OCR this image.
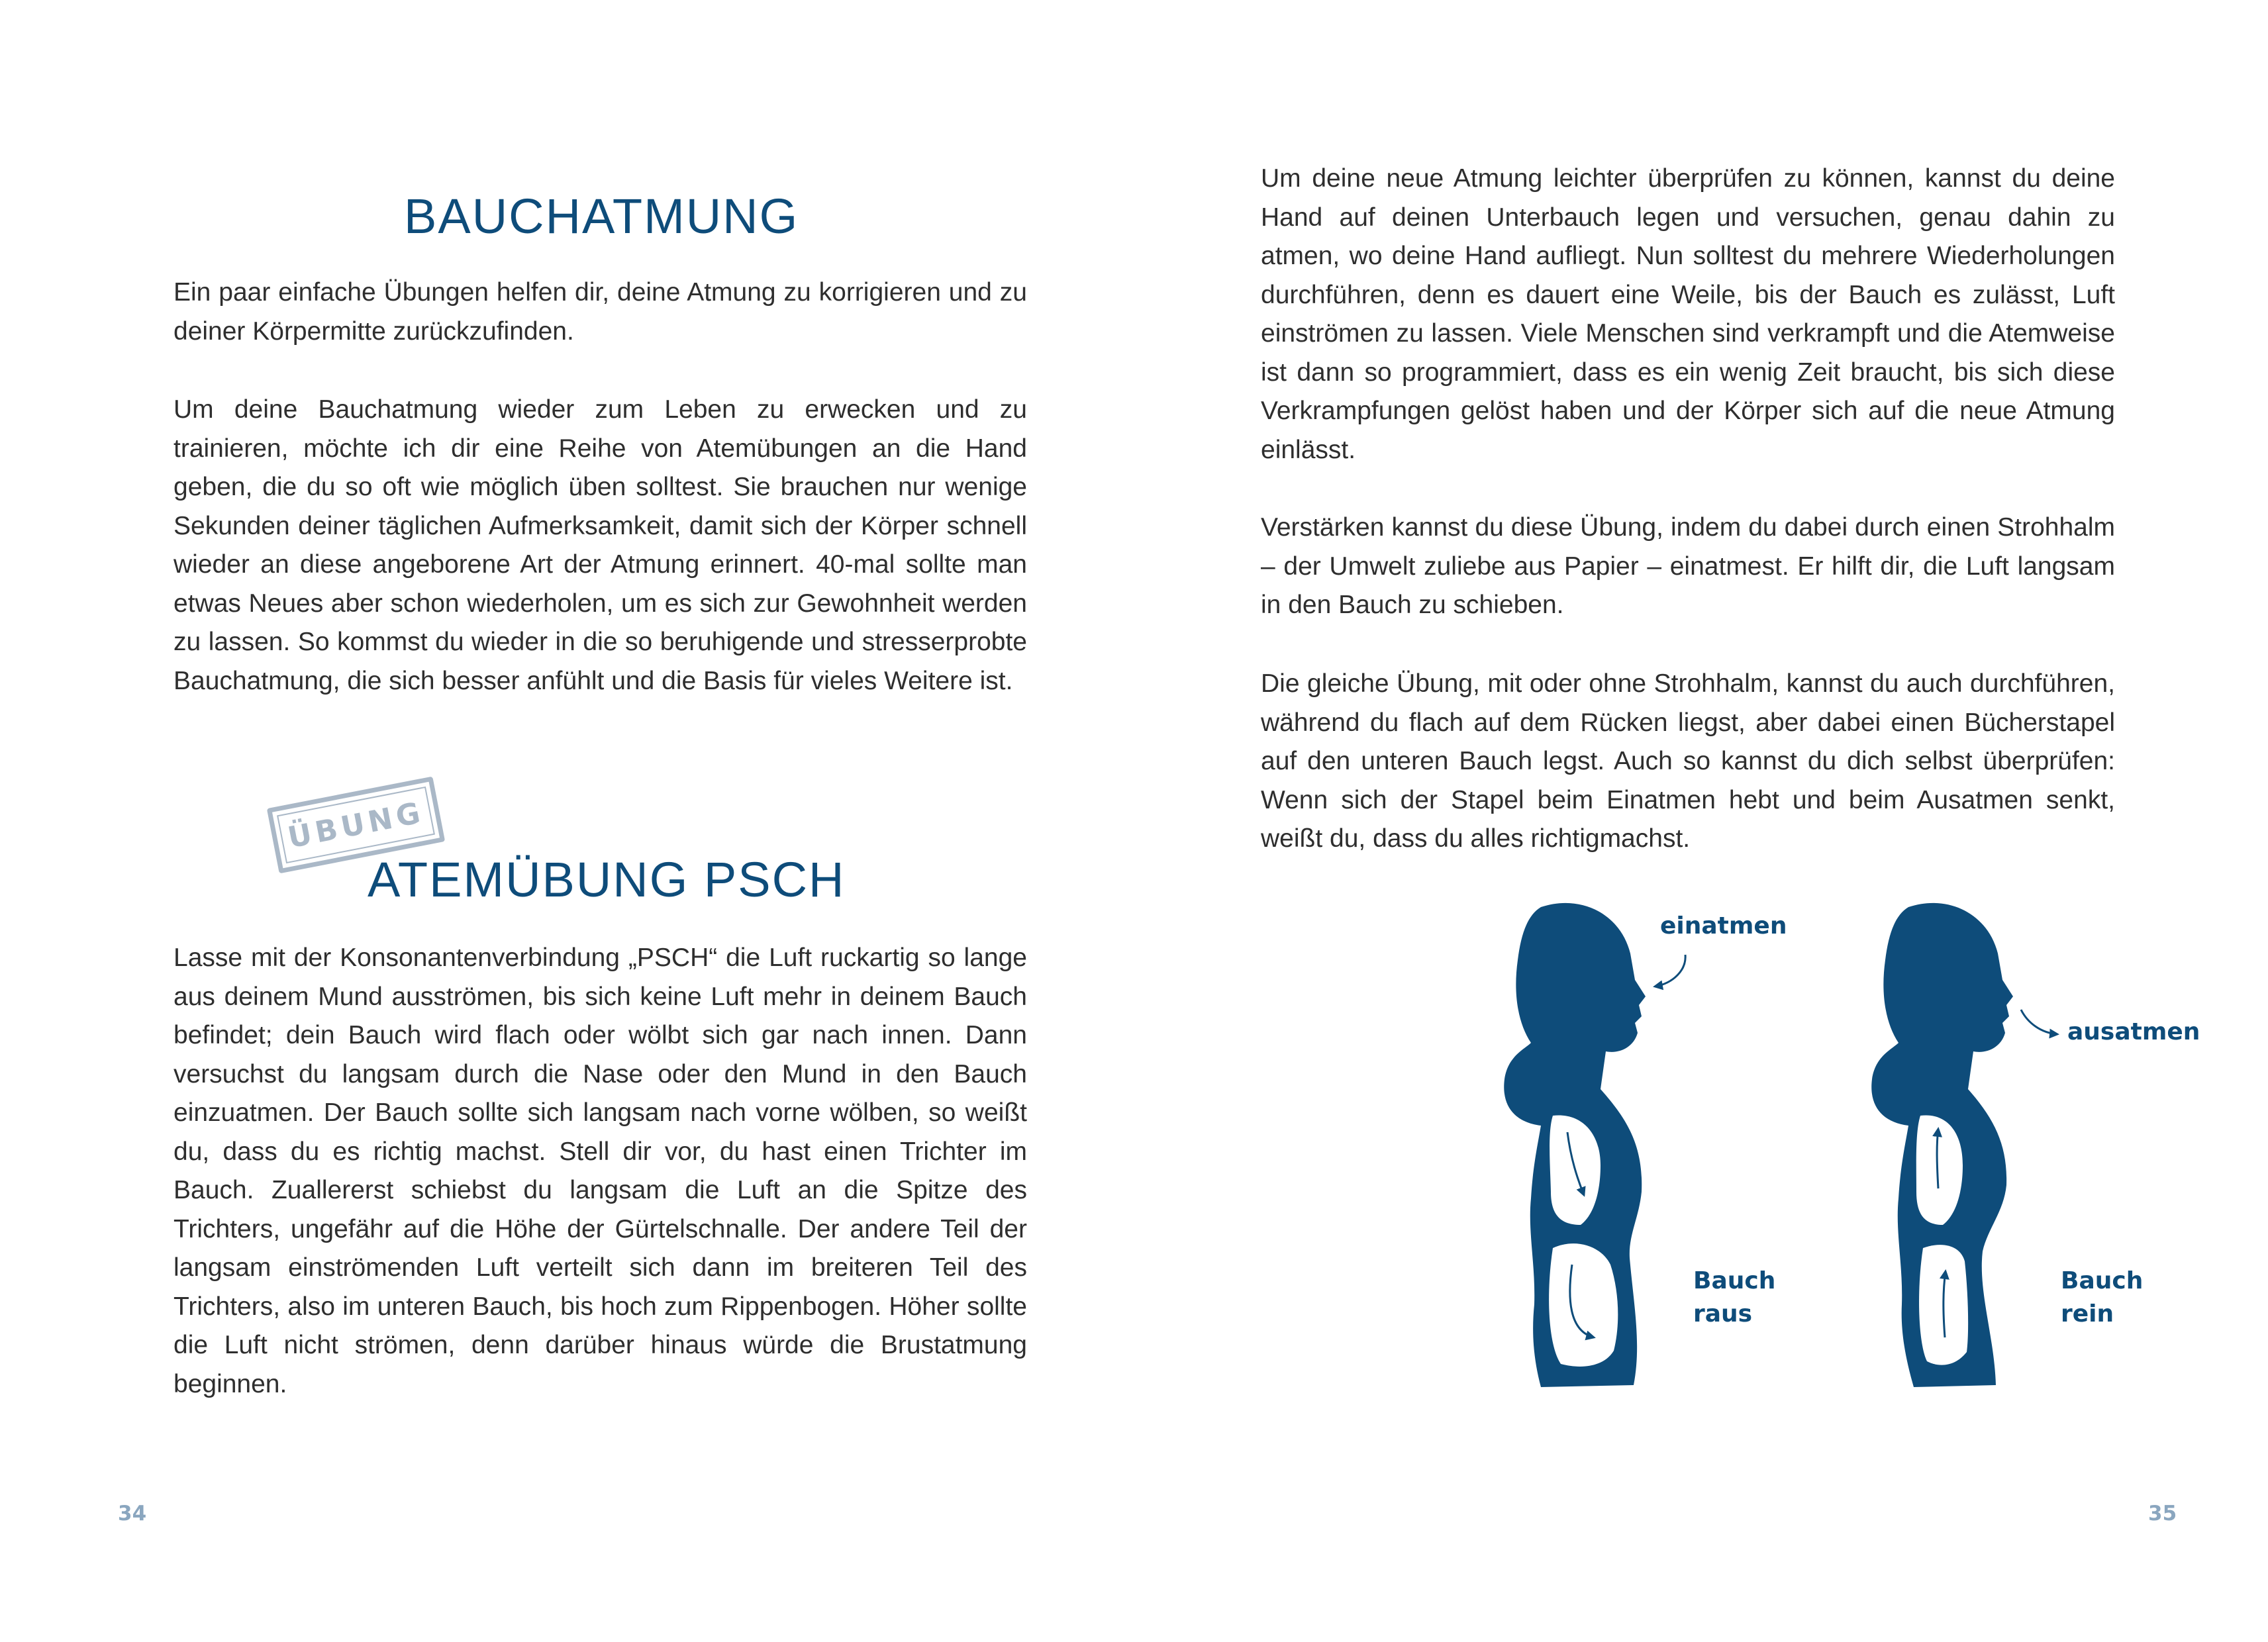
BAUCHATMUNG

Ein paar einfache Übungen helfen dir, deine Atmung zu korrigieren und zu deiner Körpermitte zurückzufinden.

Um deine Bauchatmung wieder zum Leben zu erwecken und zu trainieren, möchte ich dir eine Reihe von Atemübungen an die Hand geben, die du so oft wie möglich üben solltest. Sie brauchen nur wenige Sekunden deiner täglichen Aufmerksamkeit, damit sich der Körper schnell wieder an diese angeborene Art der Atmung erinnert. 40-mal sollte man etwas Neues aber schon wiederholen, um es sich zur Gewohnheit werden zu lassen. So kommst du wieder in die so beruhigende und stresserprobte Bauchatmung, die sich besser anfühlt und die Basis für vieles Weitere ist.

ÜBUNG
ATEMÜBUNG PSCH

Lasse mit der Konsonantenverbindung „PSCH“ die Luft ruckartig so lange aus deinem Mund ausströmen, bis sich keine Luft mehr in deinem Bauch befindet; dein Bauch wird flach oder wölbt sich gar nach innen. Dann versuchst du langsam durch die Nase oder den Mund in den Bauch einzuatmen. Der Bauch sollte sich langsam nach vorne wölben, so weißt du, dass du es richtig machst. Stell dir vor, du hast einen Trichter im Bauch. Zuallererst schiebst du langsam die Luft an die Spitze des Trichters, ungefähr auf die Höhe der Gürtelschnalle. Der andere Teil der langsam einströmenden Luft verteilt sich dann im breiteren Teil des Trichters, also im unteren Bauch, bis hoch zum Rippenbogen. Höher sollte die Luft nicht strömen, denn darüber hinaus würde die Brustatmung beginnen.

34

Um deine neue Atmung leichter überprüfen zu können, kannst du deine Hand auf deinen Unterbauch legen und versuchen, genau dahin zu atmen, wo deine Hand aufliegt. Nun solltest du mehrere Wiederholungen durchführen, denn es dauert eine Weile, bis der Bauch es zulässt, Luft einströmen zu lassen. Viele Menschen sind verkrampft und die Atemweise ist dann so programmiert, dass es ein wenig Zeit braucht, bis sich diese Verkrampfungen gelöst haben und der Körper sich auf die neue Atmung einlässt.

Verstärken kannst du diese Übung, indem du dabei durch einen Strohhalm – der Umwelt zuliebe aus Papier – einatmest. Er hilft dir, die Luft langsam in den Bauch zu schieben.

Die gleiche Übung, mit oder ohne Strohhalm, kannst du auch durchführen, während du flach auf dem Rücken liegst, aber dabei einen Bücherstapel auf den unteren Bauch legst. Auch so kannst du dich selbst überprüfen: Wenn sich der Stapel beim Einatmen hebt und beim Ausatmen senkt, weißt du, dass du alles richtigmachst.

einatmen
Bauch
raus
ausatmen
Bauch
rein
35
